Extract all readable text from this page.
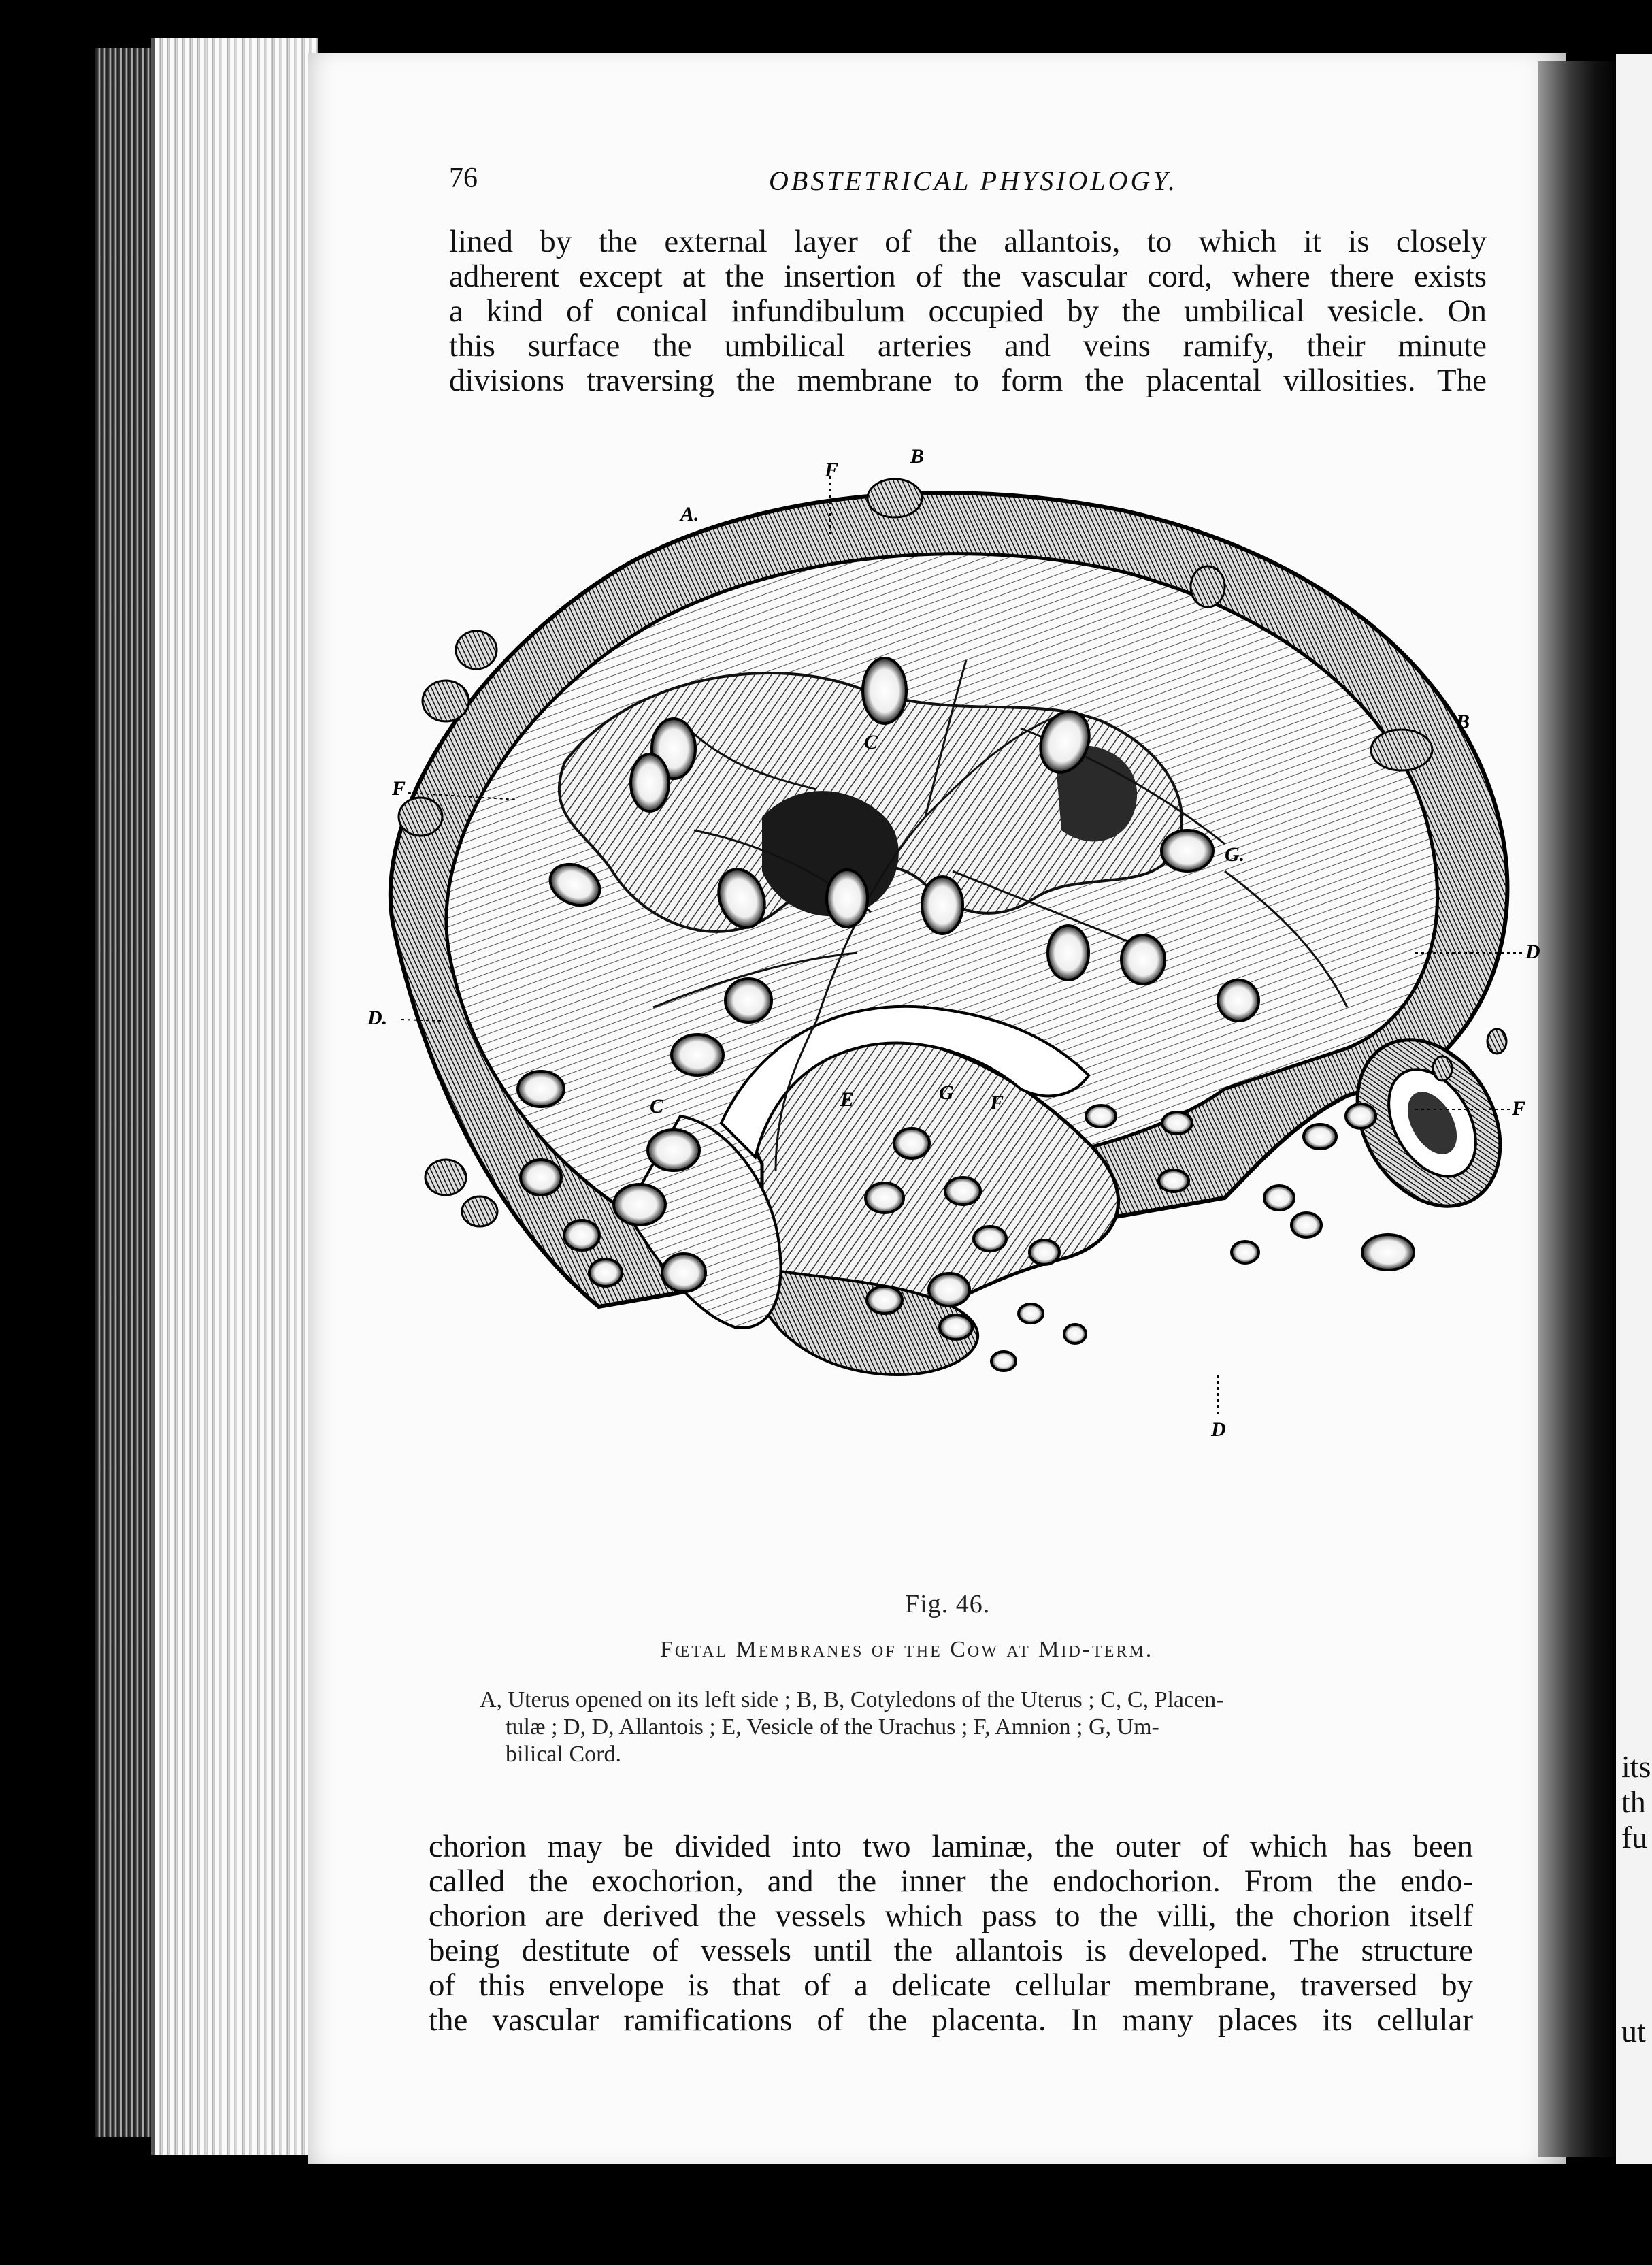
its
th
fu
ut
76	OBSTETRICAL PHYSIOLOGY.
lined by the external layer of the allantois, to which it is closely
adherent except at the insertion of the vascular cord, where there exists
a kind of conical infundibulum occupied by the umbilical vesicle. On
this surface the umbilical arteries and veins ramify, their minute
divisions traversing the membrane to form the placental villosities. The
A.
F
B
B
C
F
G.
D
D.
F
C	E	G F
D
Fig. 46.
Fœtal Membranes of the Cow at Mid-term.
A, Uterus opened on its left side ; B, B, Cotyledons of the Uterus ; C, C, Placen-
tulæ ; D, D, Allantois ; E, Vesicle of the Urachus ; F, Amnion ; G, Um-
bilical Cord.
chorion may be divided into two laminæ, the outer of which has been
called the exochorion, and the inner the endochorion. From the endo-
chorion are derived the vessels which pass to the villi, the chorion itself
being destitute of vessels until the allantois is developed. The structure
of this envelope is that of a delicate cellular membrane, traversed by
the vascular ramifications of the placenta. In many places its cellular
